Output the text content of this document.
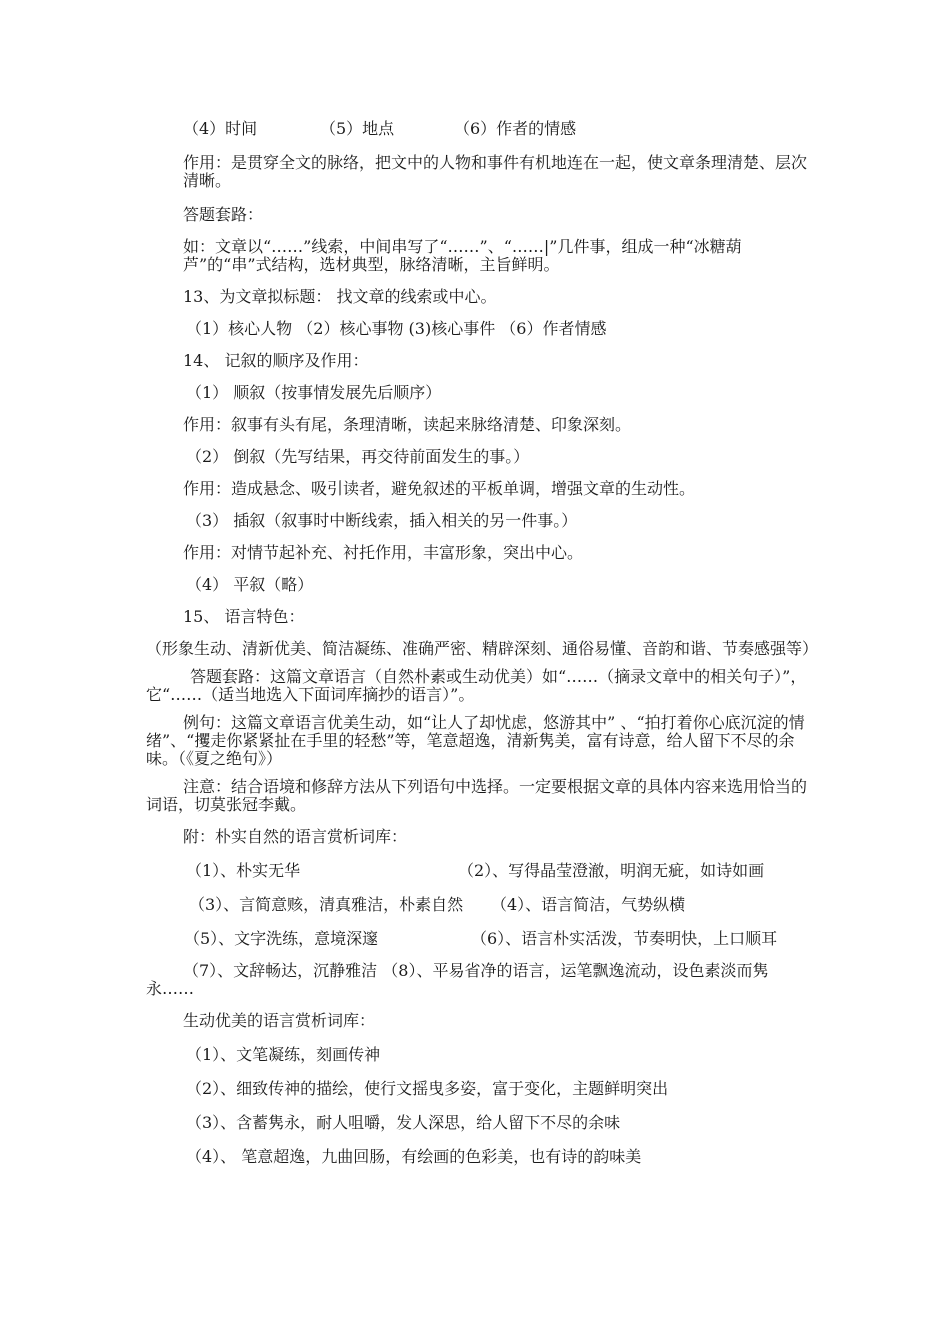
（4）时间	（5）地点	（6）作者的情感

作用：是贯穿全文的脉络，把文中的人物和事件有机地连在一起，使文章条理清楚、层次清晰。

答题套路：

如：文章以“……”线索，中间串写了“……”、“……|”几件事，组成一种“冰糖葫芦”的“串”式结构，选材典型，脉络清晰，主旨鲜明。

13、为文章拟标题： 找文章的线索或中心。

（1）核心人物 （2）核心事物 (3)核心事件 （6）作者情感

14、 记叙的顺序及作用：

（1） 顺叙（按事情发展先后顺序）

作用：叙事有头有尾，条理清晰，读起来脉络清楚、印象深刻。

（2） 倒叙（先写结果，再交待前面发生的事。）

作用：造成悬念、吸引读者，避免叙述的平板单调，增强文章的生动性。

（3） 插叙（叙事时中断线索，插入相关的另一件事。）

作用：对情节起补充、衬托作用，丰富形象，突出中心。

（4） 平叙（略）

15、 语言特色：

（形象生动、清新优美、简洁凝练、准确严密、精辟深刻、通俗易懂、音韵和谐、节奏感强等）

答题套路：这篇文章语言（自然朴素或生动优美）如“……（摘录文章中的相关句子）”，它“……（适当地选入下面词库摘抄的语言）”。

例句：这篇文章语言优美生动，如“让人了却忧虑，悠游其中” 、“拍打着你心底沉淀的情绪”、“攫走你紧紧扯在手里的轻愁”等，笔意超逸，清新隽美，富有诗意，给人留下不尽的余味。（《夏之绝句》）

注意：结合语境和修辞方法从下列语句中选择。一定要根据文章的具体内容来选用恰当的词语，切莫张冠李戴。

附：朴实自然的语言赏析词库：

（1）、朴实无华	（2）、写得晶莹澄澈，明润无疵，如诗如画
（3）、言简意赅，清真雅洁，朴素自然	（4）、语言简洁，气势纵横
（5）、文字洗练，意境深邃	（6）、语言朴实活泼，节奏明快，上口顺耳

（7）、文辞畅达，沉静雅洁 （8）、平易省净的语言，运笔飘逸流动，设色素淡而隽永……

生动优美的语言赏析词库：

（1）、文笔凝练，刻画传神

（2）、细致传神的描绘，使行文摇曳多姿，富于变化，主题鲜明突出

（3）、含蓄隽永，耐人咀嚼，发人深思，给人留下不尽的余味

（4）、 笔意超逸，九曲回肠，有绘画的色彩美，也有诗的韵味美
